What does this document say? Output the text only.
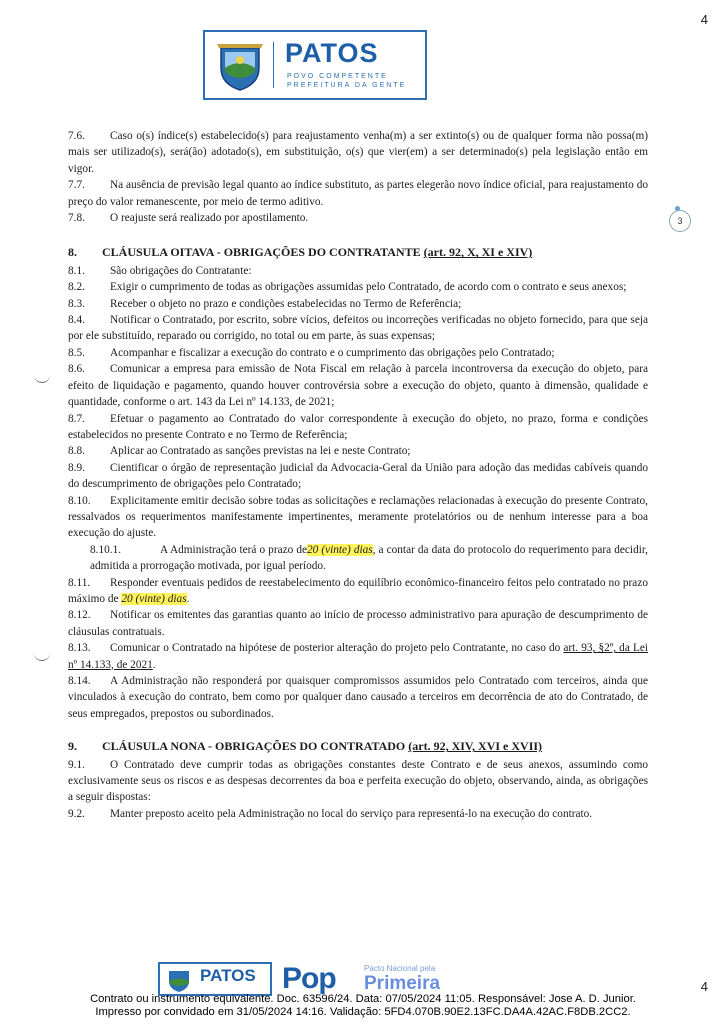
4
PATOS
POVO COMPETENTE
PREFEITURA DA GENTE
3

7.6. Caso o(s) índice(s) estabelecido(s) para reajustamento venha(m) a ser extinto(s) ou de qualquer forma não possa(m) mais ser utilizado(s), será(ão) adotado(s), em substituição, o(s) que vier(em) a ser determinado(s) pela legislação então em vigor.

7.7. Na ausência de previsão legal quanto ao índice substituto, as partes elegerão novo índice oficial, para reajustamento do preço do valor remanescente, por meio de termo aditivo.

7.8. O reajuste será realizado por apostilamento.

8. CLÁUSULA OITAVA - OBRIGAÇÕES DO CONTRATANTE (art. 92, X, XI e XIV)

8.1. São obrigações do Contratante:

8.2. Exigir o cumprimento de todas as obrigações assumidas pelo Contratado, de acordo com o contrato e seus anexos;

8.3. Receber o objeto no prazo e condições estabelecidas no Termo de Referência;

8.4. Notificar o Contratado, por escrito, sobre vícios, defeitos ou incorreções verificadas no objeto fornecido, para que seja por ele substituído, reparado ou corrigido, no total ou em parte, às suas expensas;

8.5. Acompanhar e fiscalizar a execução do contrato e o cumprimento das obrigações pelo Contratado;

8.6. Comunicar a empresa para emissão de Nota Fiscal em relação à parcela incontroversa da execução do objeto, para efeito de liquidação e pagamento, quando houver controvérsia sobre a execução do objeto, quanto à dimensão, qualidade e quantidade, conforme o art. 143 da Lei nº 14.133, de 2021;

8.7. Efetuar o pagamento ao Contratado do valor correspondente à execução do objeto, no prazo, forma e condições estabelecidos no presente Contrato e no Termo de Referência;

8.8. Aplicar ao Contratado as sanções previstas na lei e neste Contrato;

8.9. Cientificar o órgão de representação judicial da Advocacia-Geral da União para adoção das medidas cabíveis quando do descumprimento de obrigações pelo Contratado;

8.10. Explicitamente emitir decisão sobre todas as solicitações e reclamações relacionadas à execução do presente Contrato, ressalvados os requerimentos manifestamente impertinentes, meramente protelatórios ou de nenhum interesse para a boa execução do ajuste.

8.10.1.	A Administração terá o prazo de20 (vinte) dias, a contar da data do protocolo do requerimento para decidir, admitida a prorrogação motivada, por igual período.

8.11. Responder eventuais pedidos de reestabelecimento do equilíbrio econômico-financeiro feitos pelo contratado no prazo máximo de 20 (vinte) dias.

8.12. Notificar os emitentes das garantias quanto ao início de processo administrativo para apuração de descumprimento de cláusulas contratuais.

8.13. Comunicar o Contratado na hipótese de posterior alteração do projeto pelo Contratante, no caso do art. 93, §2º, da Lei nº 14.133, de 2021.

8.14. A Administração não responderá por quaisquer compromissos assumidos pelo Contratado com terceiros, ainda que vinculados à execução do contrato, bem como por qualquer dano causado a terceiros em decorrência de ato do Contratado, de seus empregados, prepostos ou subordinados.

9. CLÁUSULA NONA - OBRIGAÇÕES DO CONTRATADO (art. 92, XIV, XVI e XVII)

9.1. O Contratado deve cumprir todas as obrigações constantes deste Contrato e de seus anexos, assumindo como exclusivamente seus os riscos e as despesas decorrentes da boa e perfeita execução do objeto, observando, ainda, as obrigações a seguir dispostas:

9.2. Manter preposto aceito pela Administração no local do serviço para representá-lo na execução do contrato.

PATOS Pop	Pacto Nacional pela
Primeira	4
Contrato ou instrumento equivalente. Doc. 63596/24. Data: 07/05/2024 11:05. Responsável: Jose A. D. Junior.
Impresso por convidado em 31/05/2024 14:16. Validação: 5FD4.070B.90E2.13FC.DA4A.42AC.F8DB.2CC2.
